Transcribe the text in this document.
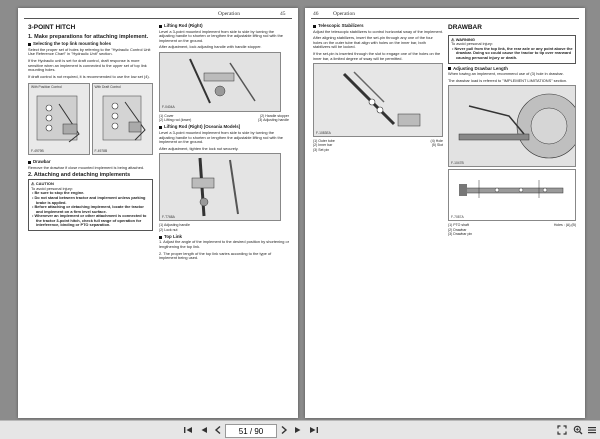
Operation	45
3-POINT HITCH
1. Make preparations for attaching implement.
Selecting the top link mounting holes

Select the proper set of holes by referring to the "Hydraulic Control Unit Use Reference Chart" in "Hydraulic Unit" section.

If the Hydraulic unit is set for draft control, draft response is more sensitive when an implement is connected to the upper set of top link mounting holes.

If draft control is not required, it is recommended to use the low set (4).

With Position Control
F-4979B
With Draft Control
F-4978B
Drawbar

Remove the drawbar if close mounted implement is being attached.

2. Attaching and detaching implements
⚠ CAUTION
To avoid personal injury:

• Be sure to stop the engine.

• Do not stand between tractor and implement unless parking brake is applied.

• Before attaching or detaching implement, locate the tractor and implement on a firm level surface.

• Whenever an implement or other attachment is connected to the tractor 3-point hitch, check full range of operation for interference, binding or PTO separation.

Lifting Rod (Right)

Level a 3-point mounted implement from side to side by turning the adjusting handle to shorten or lengthen the adjustable lifting rod with the implement on the ground.

After adjustment, lock adjusting handle with handle stopper.

F-0404A
(1) Cover	(2) Handle stopper
(2) Lifting rod (lower)	(3) Adjusting handle
Lifting Rod (Right) [Oceania Models]

Level a 3-point mounted implement from side to side by turning the adjusting handle to shorten or lengthen the adjustable lifting rod with the implement on the ground.

After adjustment, tighten the lock nut securely.

F-T768A
(1) Adjusting handle
(2) Lock nut
Top Link

1. Adjust the angle of the implement to the desired position by shortening or lengthening the top link.

2. The proper length of the top link varies according to the type of implement being used.

46	Operation
Telescopic Stabilizers

Adjust the telescopic stabilizers to control horizontal sway of the implement.

After aligning stabilizers, insert the set-pin through any one of the four holes on the outer tube that align with holes on the inner bar, both stabilizers will be locked.

If the set-pin is inserted through the slot to engage one of the holes on the inner bar, a limited degree of sway will be permitted.

F-1083EA
(1) Outer tube	(4) Hole
(2) Inner bar	(5) Slot
(3) Set pin
DRAWBAR
⚠ WARNING
To avoid personal injury:

• Never pull from the top link, the rear axle or any point above the drawbar. Doing so could cause the tractor to tip over rearward causing personal injury or death.

Adjusting Drawbar Length

When towing an implement, recommend use of (3) hole in drawbar.

The drawbar load is referred to "IMPLEMENT LIMITATIONS" section.

F-1047B
F-7087A
(1) PTO shaft	Holes : (A),(B)
(2) Drawbar
(3) Drawbar pin
51 / 90
